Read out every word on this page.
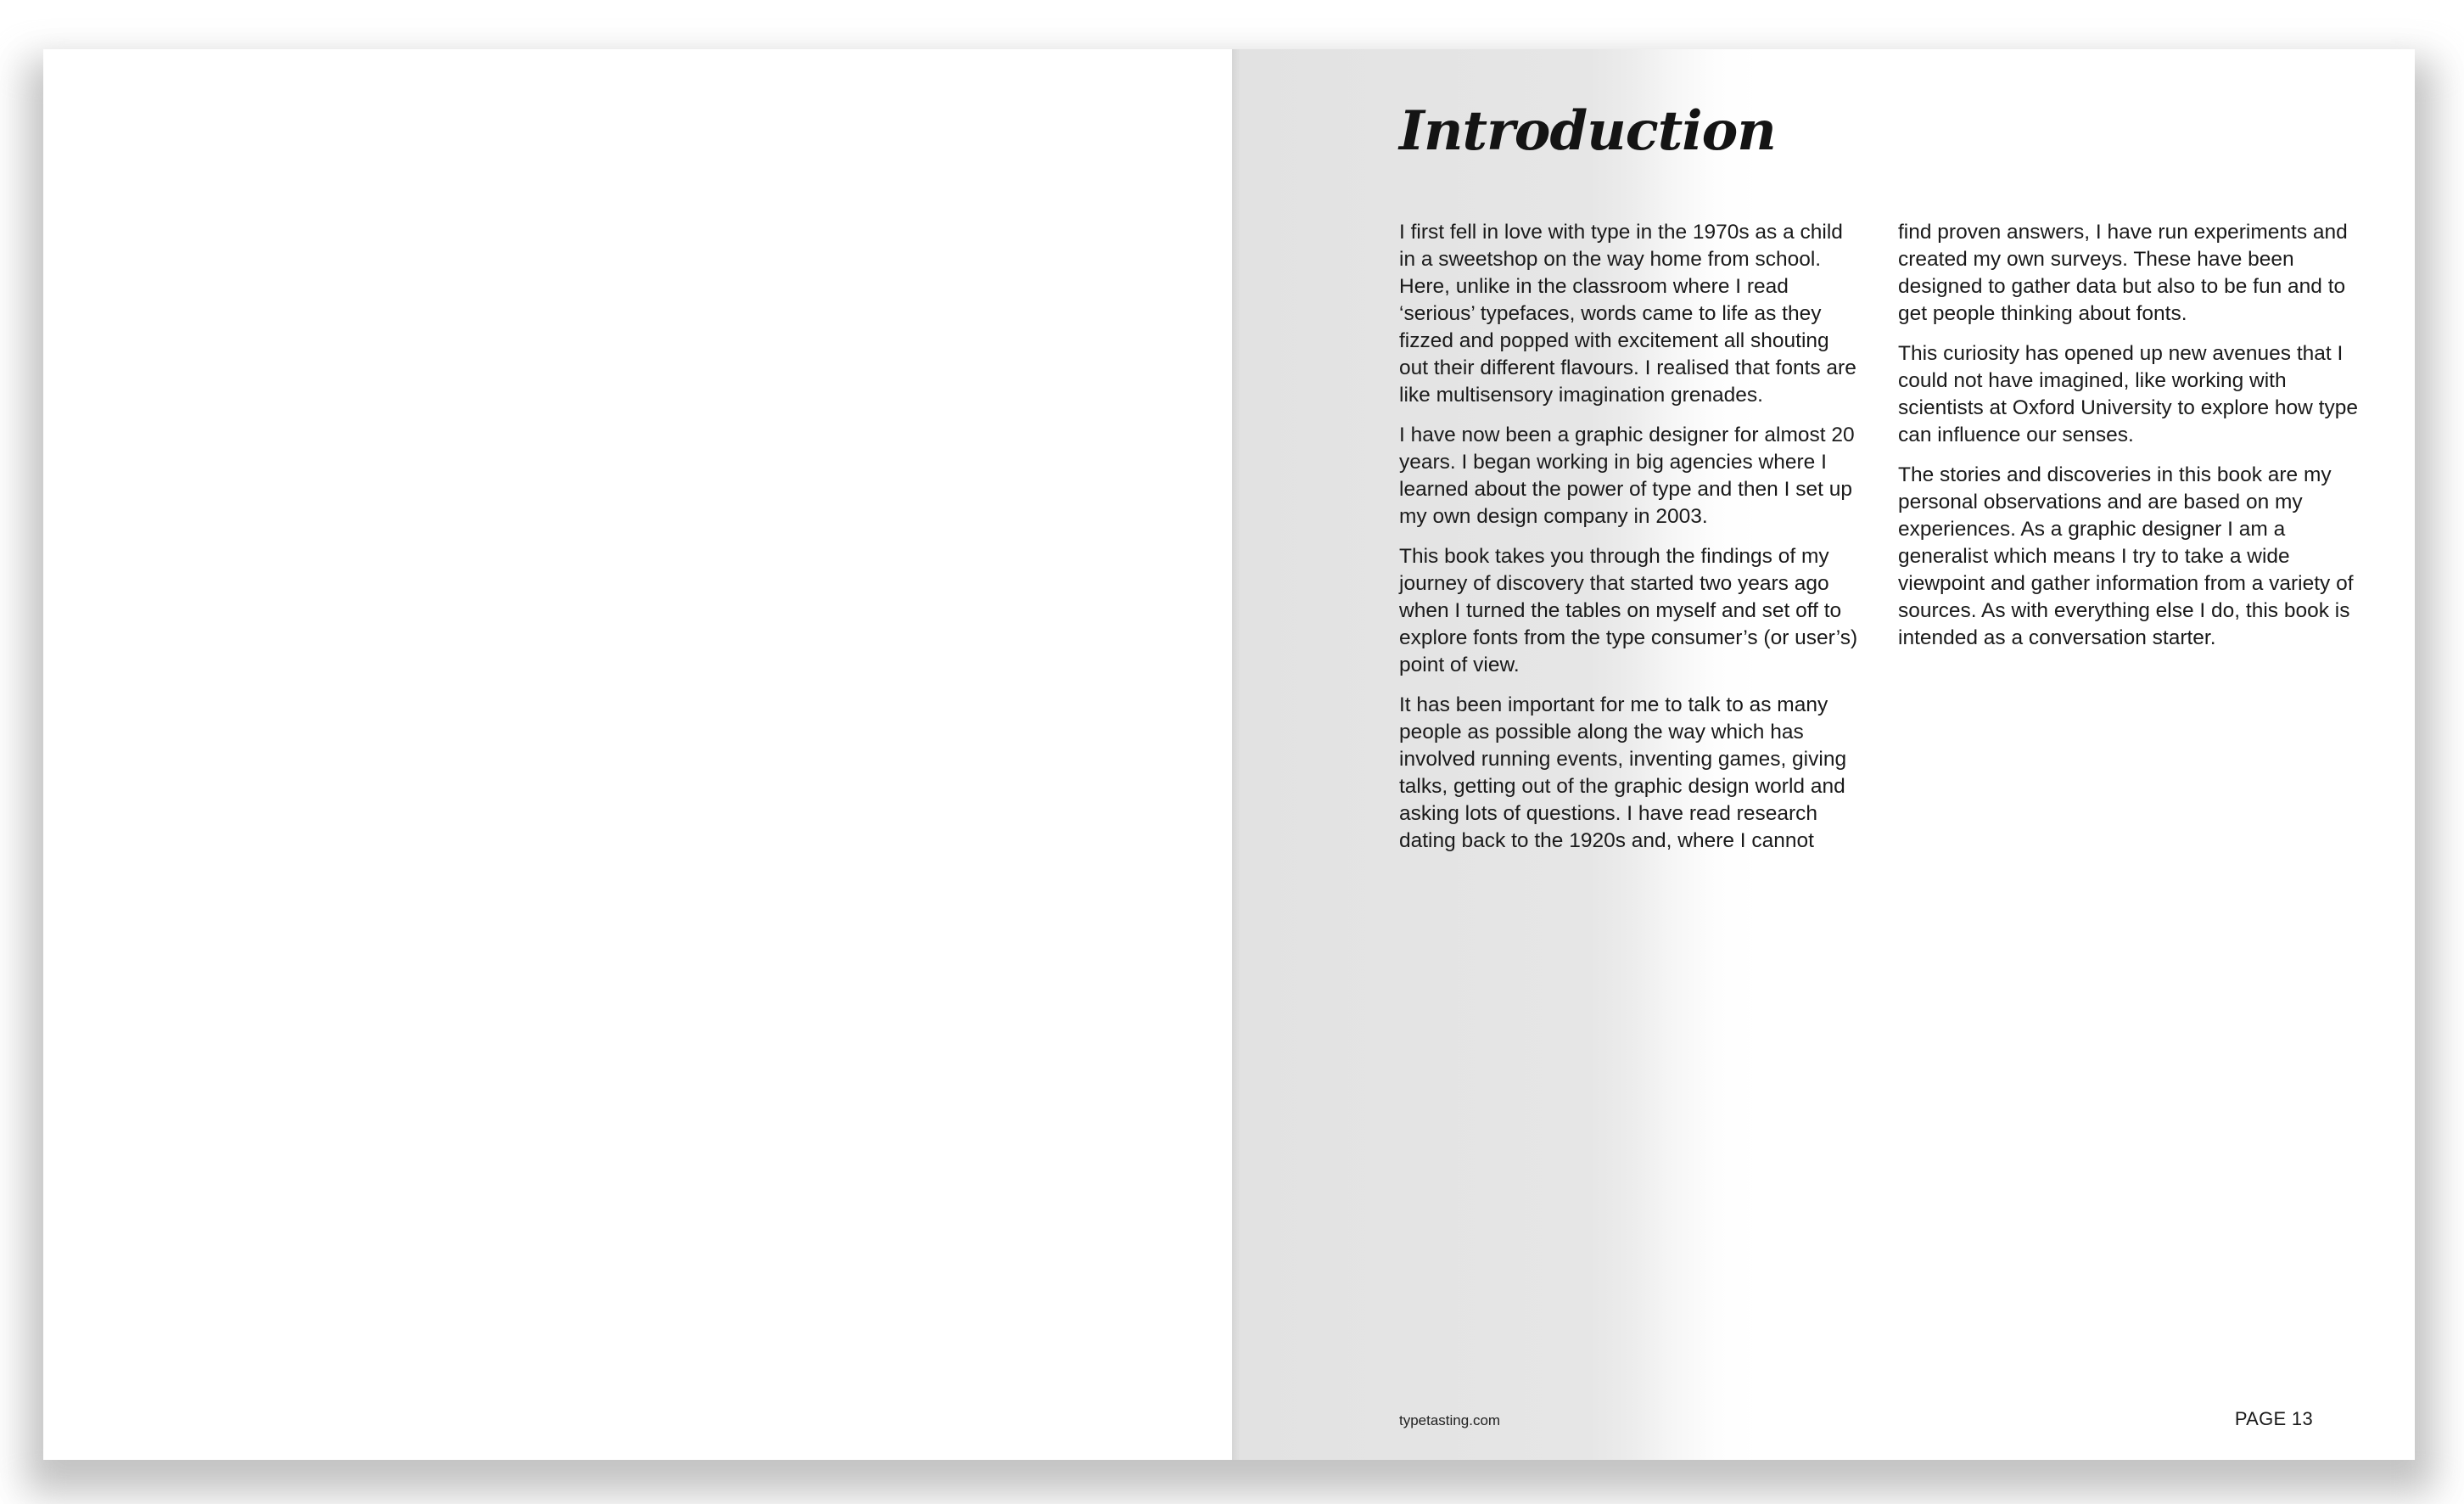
Introduction

I first fell in love with type in the 1970s as a child in a sweetshop on the way home from school. Here, unlike in the classroom where I read ‘serious’ typefaces, words came to life as they fizzed and popped with excitement all shouting out their different flavours. I realised that fonts are like multisensory imagination grenades.

I have now been a graphic designer for almost 20 years. I began working in big agencies where I learned about the power of type and then I set up my own design company in 2003.

This book takes you through the findings of my journey of discovery that started two years ago when I turned the tables on myself and set off to explore fonts from the type consumer’s (or user’s) point of view.

It has been important for me to talk to as many people as possible along the way which has involved running events, inventing games, giving talks, getting out of the graphic design world and asking lots of questions. I have read research dating back to the 1920s and, where I cannot

find proven answers, I have run experiments and created my own surveys. These have been designed to gather data but also to be fun and to get people thinking about fonts.

This curiosity has opened up new avenues that I could not have imagined, like working with scientists at Oxford University to explore how type can influence our senses.

The stories and discoveries in this book are my personal observations and are based on my experiences. As a graphic designer I am a generalist which means I try to take a wide viewpoint and gather information from a variety of sources. As with everything else I do, this book is intended as a conversation starter.

typetasting.com	PAGE 13
